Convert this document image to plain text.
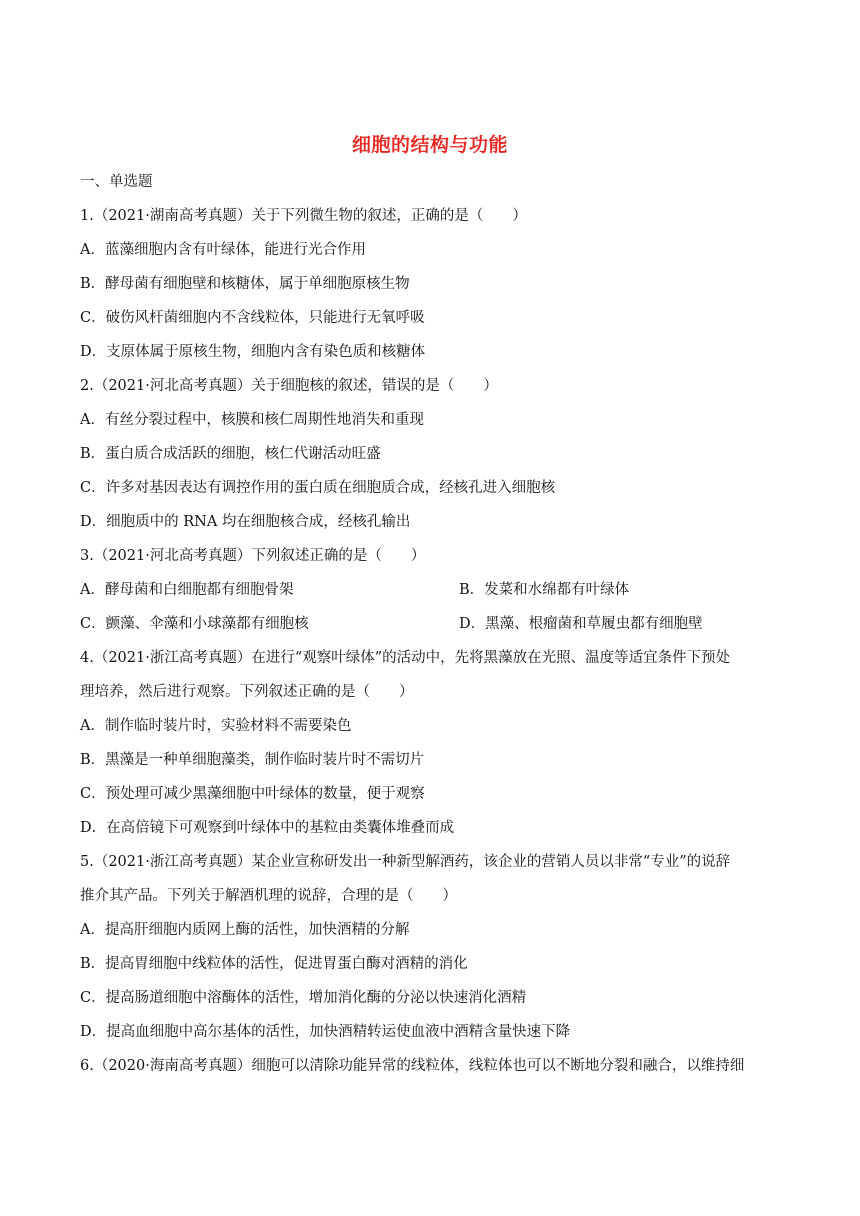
细胞的结构与功能
一、单选题
1.（2021·湖南高考真题）关于下列微生物的叙述，正确的是（　　）
A．蓝藻细胞内含有叶绿体，能进行光合作用
B．酵母菌有细胞壁和核糖体，属于单细胞原核生物
C．破伤风杆菌细胞内不含线粒体，只能进行无氧呼吸
D．支原体属于原核生物，细胞内含有染色质和核糖体
2.（2021·河北高考真题）关于细胞核的叙述，错误的是（　　）
A．有丝分裂过程中，核膜和核仁周期性地消失和重现
B．蛋白质合成活跃的细胞，核仁代谢活动旺盛
C．许多对基因表达有调控作用的蛋白质在细胞质合成，经核孔进入细胞核
D．细胞质中的 RNA 均在细胞核合成，经核孔输出
3.（2021·河北高考真题）下列叙述正确的是（　　）
A．酵母菌和白细胞都有细胞骨架	B．发菜和水绵都有叶绿体
C．颤藻、伞藻和小球藻都有细胞核	D．黑藻、根瘤菌和草履虫都有细胞壁
4.（2021·浙江高考真题）在进行“观察叶绿体”的活动中，先将黑藻放在光照、温度等适宜条件下预处
理培养，然后进行观察。下列叙述正确的是（　　）
A．制作临时装片时，实验材料不需要染色
B．黑藻是一种单细胞藻类，制作临时装片时不需切片
C．预处理可减少黑藻细胞中叶绿体的数量，便于观察
D．在高倍镜下可观察到叶绿体中的基粒由类囊体堆叠而成
5.（2021·浙江高考真题）某企业宣称研发出一种新型解酒药，该企业的营销人员以非常“专业”的说辞
推介其产品。下列关于解酒机理的说辞，合理的是（　　）
A．提高肝细胞内质网上酶的活性，加快酒精的分解
B．提高胃细胞中线粒体的活性，促进胃蛋白酶对酒精的消化
C．提高肠道细胞中溶酶体的活性，增加消化酶的分泌以快速消化酒精
D．提高血细胞中高尔基体的活性，加快酒精转运使血液中酒精含量快速下降
6.（2020·海南高考真题）细胞可以清除功能异常的线粒体，线粒体也可以不断地分裂和融合，以维持细
